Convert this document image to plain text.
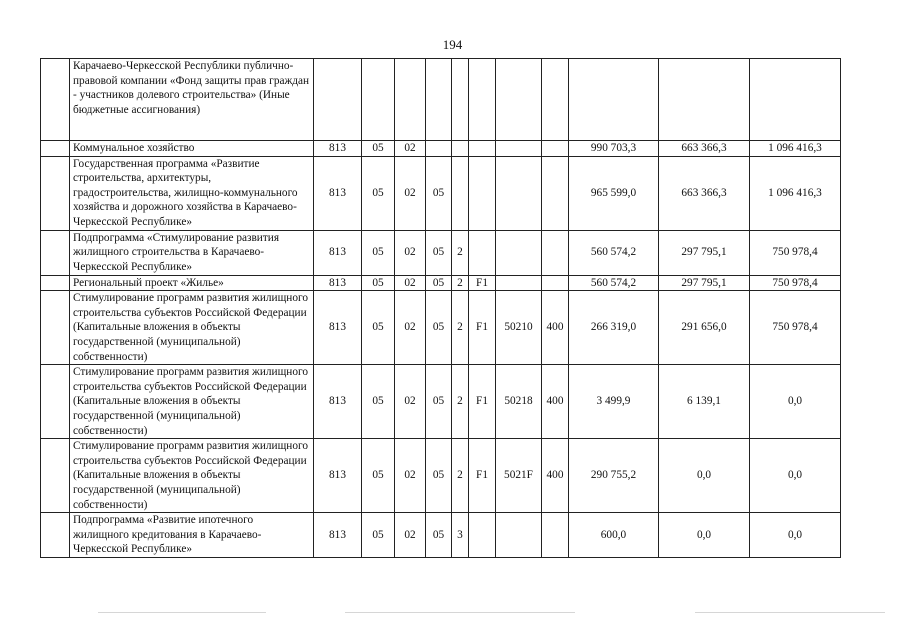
194
	Карачаево-Черкесской Республики публично-правовой компании «Фонд защиты прав граждан - участников долевого строительства» (Иные бюджетные ассигнования)											
	Коммунальное хозяйство	813	05	02						990 703,3	663 366,3	1 096 416,3
	Государственная программа «Развитие строительства, архитектуры, градостроительства, жилищно-коммунального хозяйства и дорожного хозяйства в Карачаево-Черкесской Республике»	813	05	02	05					965 599,0	663 366,3	1 096 416,3
	Подпрограмма «Стимулирование развития жилищного строительства в Карачаево-Черкесской Республике»	813	05	02	05	2				560 574,2	297 795,1	750 978,4
	Региональный проект «Жилье»	813	05	02	05	2	F1			560 574,2	297 795,1	750 978,4
	Стимулирование программ развития жилищного строительства субъектов Российской Федерации (Капитальные вложения в объекты государственной (муниципальной) собственности)	813	05	02	05	2	F1	50210	400	266 319,0	291 656,0	750 978,4
	Стимулирование программ развития жилищного строительства субъектов Российской Федерации (Капитальные вложения в объекты государственной (муниципальной) собственности)	813	05	02	05	2	F1	50218	400	3 499,9	6 139,1	0,0
	Стимулирование программ развития жилищного строительства субъектов Российской Федерации (Капитальные вложения в объекты государственной (муниципальной) собственности)	813	05	02	05	2	F1	5021F	400	290 755,2	0,0	0,0
	Подпрограмма «Развитие ипотечного жилищного кредитования в Карачаево-Черкесской Республике»	813	05	02	05	3				600,0	0,0	0,0
